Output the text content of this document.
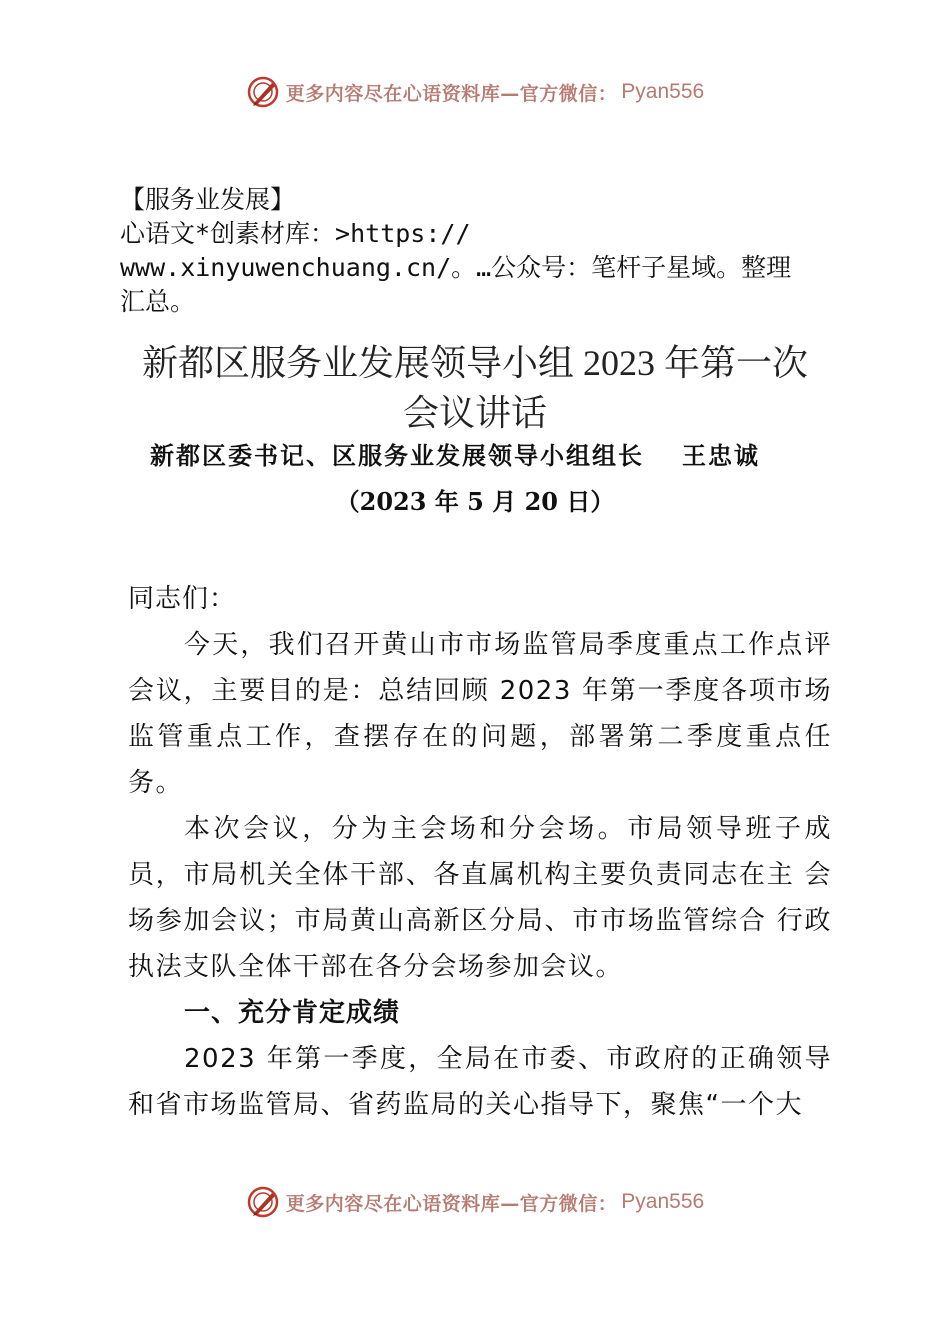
更多内容尽在心语资料库—官方微信： Pyan556
【服务业发展】
心语文*创素材库：>https://
www.xinyuwenchuang.cn/。…公众号：笔杆子星域。整理
汇总。
新都区服务业发展领导小组 2023 年第一次
会议讲话
新都区委书记、区服务业发展领导小组组长 王忠诚
（2023 年 5 月 20 日）
同志们：
今天，我们召开黄山市市场监管局季度重点工作点评会议，主要目的是：总结回顾 2023 年第一季度各项市场监管重点工作，查摆存在的问题，部署第二季度重点任务。
本次会议，分为主会场和分会场。市局领导班子成员，市局机关全体干部、各直属机构主要负责同志在主 会场参加会议；市局黄山高新区分局、市市场监管综合 行政执法支队全体干部在各分会场参加会议。
一、充分肯定成绩
2023 年第一季度，全局在市委、市政府的正确领导和省市场监管局、省药监局的关心指导下，聚焦“一个大
更多内容尽在心语资料库—官方微信： Pyan556
